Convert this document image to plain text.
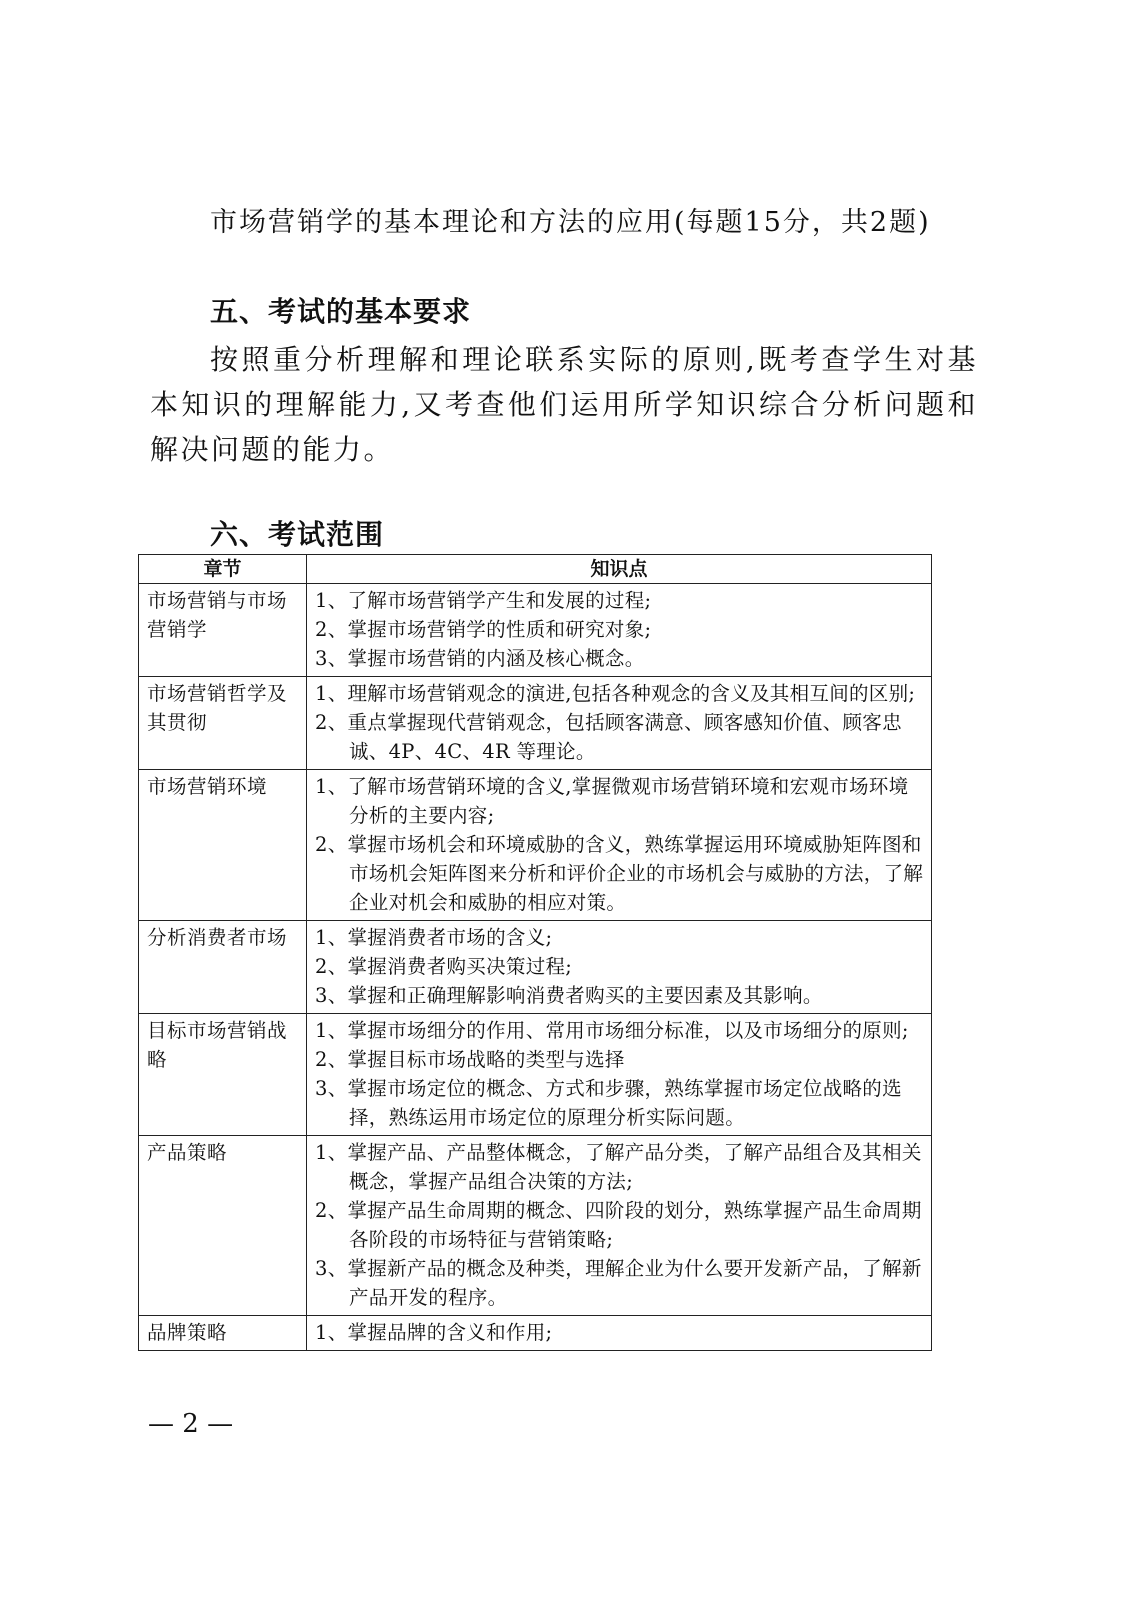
市场营销学的基本理论和方法的应用(每题15分，共2题)
五、考试的基本要求
按照重分析理解和理论联系实际的原则,既考查学生对基本知识的理解能力,又考查他们运用所学知识综合分析问题和解决问题的能力。
六、考试范围
章节	知识点

市场营销与市场营销学	1、了解市场营销学产生和发展的过程;
2、掌握市场营销学的性质和研究对象;
3、掌握市场营销的内涵及核心概念。

市场营销哲学及其贯彻	1、理解市场营销观念的演进,包括各种观念的含义及其相互间的区别;
2、重点掌握现代营销观念，包括顾客满意、顾客感知价值、顾客忠诚、4P、4C、4R 等理论。

市场营销环境	1、了解市场营销环境的含义,掌握微观市场营销环境和宏观市场环境分析的主要内容;
2、掌握市场机会和环境威胁的含义，熟练掌握运用环境威胁矩阵图和市场机会矩阵图来分析和评价企业的市场机会与威胁的方法，了解企业对机会和威胁的相应对策。

分析消费者市场	1、掌握消费者市场的含义;
2、掌握消费者购买决策过程;
3、掌握和正确理解影响消费者购买的主要因素及其影响。

目标市场营销战略	1、掌握市场细分的作用、常用市场细分标准，以及市场细分的原则;
2、掌握目标市场战略的类型与选择
3、掌握市场定位的概念、方式和步骤，熟练掌握市场定位战略的选择，熟练运用市场定位的原理分析实际问题。

产品策略	1、掌握产品、产品整体概念，了解产品分类，了解产品组合及其相关概念，掌握产品组合决策的方法;
2、掌握产品生命周期的概念、四阶段的划分，熟练掌握产品生命周期各阶段的市场特征与营销策略;
3、掌握新产品的概念及种类，理解企业为什么要开发新产品，了解新产品开发的程序。

品牌策略	1、掌握品牌的含义和作用;
— 2 —
